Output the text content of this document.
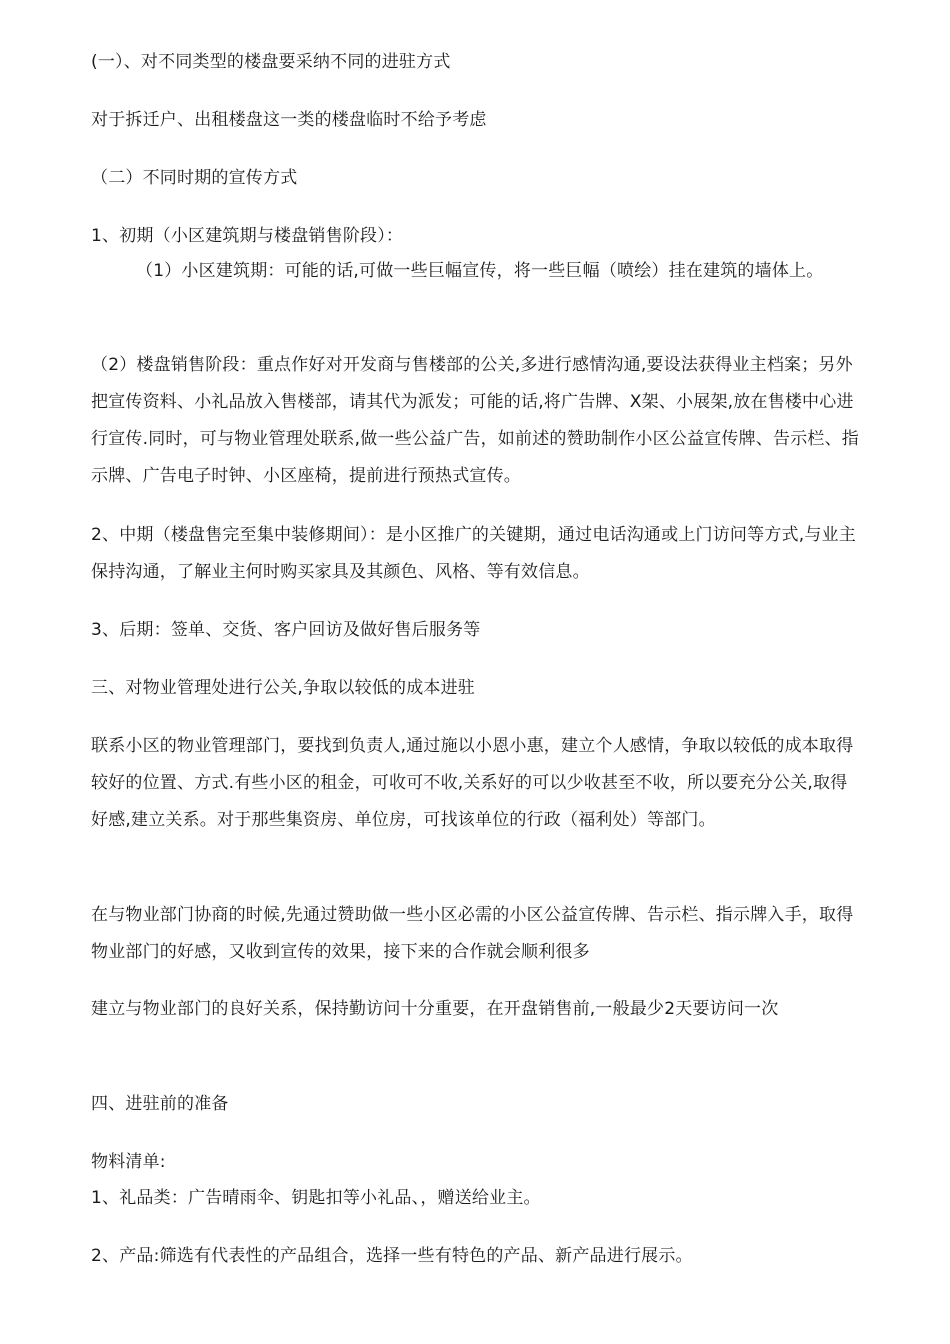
(一）、对不同类型的楼盘要采纳不同的进驻方式

对于拆迁户、出租楼盘这一类的楼盘临时不给予考虑

（二）不同时期的宣传方式

1、初期（小区建筑期与楼盘销售阶段）：

（1）小区建筑期：可能的话,可做一些巨幅宣传，将一些巨幅（喷绘）挂在建筑的墙体上。

（2）楼盘销售阶段：重点作好对开发商与售楼部的公关,多进行感情沟通,要设法获得业主档案；另外把宣传资料、小礼品放入售楼部，请其代为派发；可能的话,将广告牌、X架、小展架,放在售楼中心进行宣传.同时，可与物业管理处联系,做一些公益广告，如前述的赞助制作小区公益宣传牌、告示栏、指示牌、广告电子时钟、小区座椅，提前进行预热式宣传。

2、中期（楼盘售完至集中装修期间）：是小区推广的关键期，通过电话沟通或上门访问等方式,与业主保持沟通，了解业主何时购买家具及其颜色、风格、等有效信息。

3、后期：签单、交货、客户回访及做好售后服务等

三、对物业管理处进行公关,争取以较低的成本进驻

联系小区的物业管理部门，要找到负责人,通过施以小恩小惠，建立个人感情，争取以较低的成本取得较好的位置、方式.有些小区的租金，可收可不收,关系好的可以少收甚至不收，所以要充分公关,取得好感,建立关系。对于那些集资房、单位房，可找该单位的行政（福利处）等部门。

在与物业部门协商的时候,先通过赞助做一些小区必需的小区公益宣传牌、告示栏、指示牌入手，取得物业部门的好感，又收到宣传的效果，接下来的合作就会顺利很多

建立与物业部门的良好关系，保持勤访问十分重要，在开盘销售前,一般最少2天要访问一次

四、进驻前的准备

物料清单:

1、礼品类：广告晴雨伞、钥匙扣等小礼品、，赠送给业主。

2、产品:筛选有代表性的产品组合，选择一些有特色的产品、新产品进行展示。
